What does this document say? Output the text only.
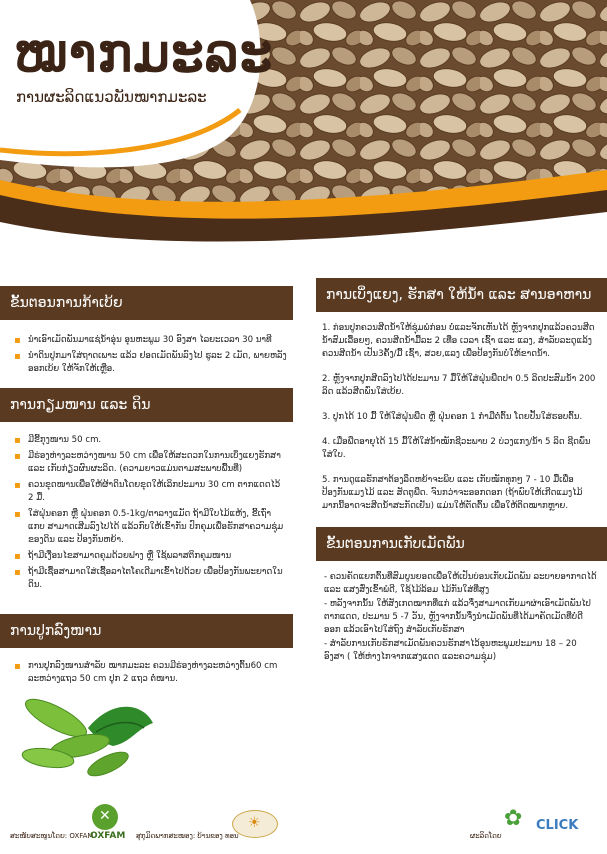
ໝາກມະລະ
ການຜະລິດແນວພັນໝາກມະລະ
ຂັ້ນຕອນການກ້າເບ້ຍ
▪ ນຳເອົາເມັດພັນມາແຊ່ນ້ຳອຸ່ນ ອຸນຫະພູມ 30 ອົງສາ ໄລຍະເວລາ 30 ນາທີ
▪ ນຳດິນປູກມາໃສ່ຖາດເພາະ ແລ້ວ ຢອດເມັດພັນລົງໄປ ຮູລະ 2 ເມັດ, ພາຍຫລັງອອກເບ້ຍ ໃຫ້ຈັກໃຫ້ເຫຼືອ.
ການກຽມໜານ ແລະ ດິນ
▪ ມີຂີ້ກຸງໜານ 50 cm.
▪ ມີຮ່ອງຫ່າງລະຫວ່າງໜານ 50 cm ເພື່ອໃຫ້ສະດວກໃນການເບິ່ງແຍງຮັກສາ ແລະ ເກັບກ່ຽວຜົນຜະລິດ. (ຄວາມຍາວແມ່ນຕາມສະພາບພື້ນທີ່)
▪ ຄວນຂຸດໜານເພື່ອໃຫ້ຜ້າດິນໂດຍຂຸດໃຫ້ເລິກປະມານ 30 cm ຕາກແດດໄວ້ 2 ມື້.
▪ ໃສ່ຝຸ່ນຄອກ ຫຼື ຝຸ່ນຄອກ 0.5-1kg/ຕາລາງແມັດ ຖ້າມີໃບໄມ້ແຫ້ງ, ຂີ້ເຖົ່າແກບ ສາມາດເສີມລົງໄປໄດ້ ແລ້ວກົບໃຫ້ເຂົ້າກັນ ປົກຄຸມເພື່ອຮັກສາຄວາມຊຸ່ມຂອງດິນ ແລະ ປ້ອງກັນຫຍ້າ.
▪ ຖ້າມີເງື່ອນໄຂສາມາດຄຸມດ້ວຍຟາງ ຫຼື ໃຊ້ພລາສຕິກຄຸມໜານ
▪ ຖ້າມີເຊື້ອສາມາດໃສ່ເຊື້ອລາໄຕໂຄເດີມາເຂົ້າໄປດ້ວຍ ເພື່ອປ້ອງກັນພະຍາດໃນດິນ.
ການປູກລົງໜານ
▪ ການປູກລົງໜານສຳລັບ ໝາກມະລະ ຄວນມີຮ່ອງຫ່າງລະຫວ່າງຕົ້ນ60 cm ລະຫວ່າງແຖວ 50 cm ປູກ 2 ແຖວ ຕໍ່ໜານ.
ການເບິ່ງແຍງ, ຮັກສາ ໃຫ້ນ້ຳ ແລະ ສານອາຫານ
1. ກ່ອນປູກຄວນສີດນ້ຳໃຫ້ຊຸ່ມພໍກ່ອນ ບໍ່ແລະຈັກເຫັນໄດ້ ຫຼັງຈາກປູກແລ້ວຄວນສີດນ້ຳສົມເລື້ອຍໆ, ຄວນສີດນ້ຳມື້ລະ 2 ເທື່ອ ເວລາ ເຊົ້າ ແລະ ແລງ, ສຳລັບລະດູແລ້ງຄວນສີດນ້ຳ ເປັນ3ຄັ້ງ/ມື້ ເຊົ້າ, ສວຍ,ແລງ ເພື່ອປ້ອງກັນບໍ່ໃຫ້ຂາດນ້ຳ.
2. ຫຼັງຈາກປູກສີດລົງໄປໄດ້ປະມານ 7 ມື້ໃຫ້ໃສ່ຝຸ່ນພືດປາ 0.5 ລິດປະສົມນ້ຳ 200 ລິດ ແລ້ວສີດພົ່ນໃສ່ເບ້ຍ.
3. ປູກໄດ້ 10 ມື້ ໃຫ້ໃສ່ຝຸ່ນພືດ ຫຼື ຝຸ່ນຄອກ 1 ກຳມືຕໍ່ຕົ້ນ ໂດຍປັ້ນໃສ່ຮອບຕົ້ນ.
4. ເມື່ອພືດອາຍຸໄດ້ 15 ມື້ໃຫ້ໃສ່ນ້ຳໝັກຊີວະພາບ 2 ບ່ວງແກງ/ນ້ຳ 5 ລິດ ຊີດພົ່ນໃສ່ໃບ.
5. ການດູແລຮັກສາຕ້ອງລຶດຫຍ້າຈະພິບ ແລະ ເກັບໝັກທຸກໆ 7 - 10 ມື້ເພື່ອປ້ອງກັນແມງໄມ້ ແລະ ສັດຕູພືດ. ຈົນກວ່າຈະອອກດອກ (ຖ້າພົບໃຫ້ເກີດແມງໄມ້ມາກນີ້ອາດຈະສີດນ້ຳສະກັດເຢັນ) ແມ່ນໃຫ້ຕັດຕົ້ນ ເພື່ອໃຫ້ຕິດໝາກຫຼາຍ.
ຂັ້ນຕອນການເກັບເມັດພັນ
- ຄວນຄັດແຍກຕົ້ນທີ່ສົມບູນຍອດເພື່ອໃຫ້ເປັນບ່ອນເກັບເມັດພັນ ລະບາຍອາກາດໄດ້ ແລະ ແສງສົ່ງເຂົ້າພໍດີ, ໃຊ້ໄມ້ລ້ອມ ໄມ້ກັນໃສ່ທີ່ສູງ
- ຫລັງຈາກນັ້ນ ໃຫ້ສັງເກດໝາກທີ່ແກ່ ແລ້ວຈຶ່ງສາມາດເກັບມາຜ່າເອົາເມັດພັນໄປຕາກແດດ, ປະມານ 5 -7 ວັນ, ຫຼັງຈາກນັ້ນຈຶ່ງນຳເມັດພັນທີ່ໄດ້ມາຄັດເມັດທີ່ບໍ່ດີ ອອກ ແລ້ວເອົາໄປໃສ່ຖົງ ສຳລັບເກັບຮັກສາ
- ສຳລັບການເກັບຮັກສາເມັດພັນຄວນຮັກສາໄວ້ອຸນຫະພູມປະມານ 18 – 20 ອົງສາ ( ໃຫ້ຫ່າງໄກຈາກແສງແດດ ແລະຄວາມຊຸ່ມ)
ສະໜັບສະໜູນໂດຍ: OXFAM
✕
OXFAM ສຸກຸມິດພາກສະໜອງ: ບ້ານຂອງ ທອນ
☀
ຜະລິດໂດຍ
✿ CLICK
